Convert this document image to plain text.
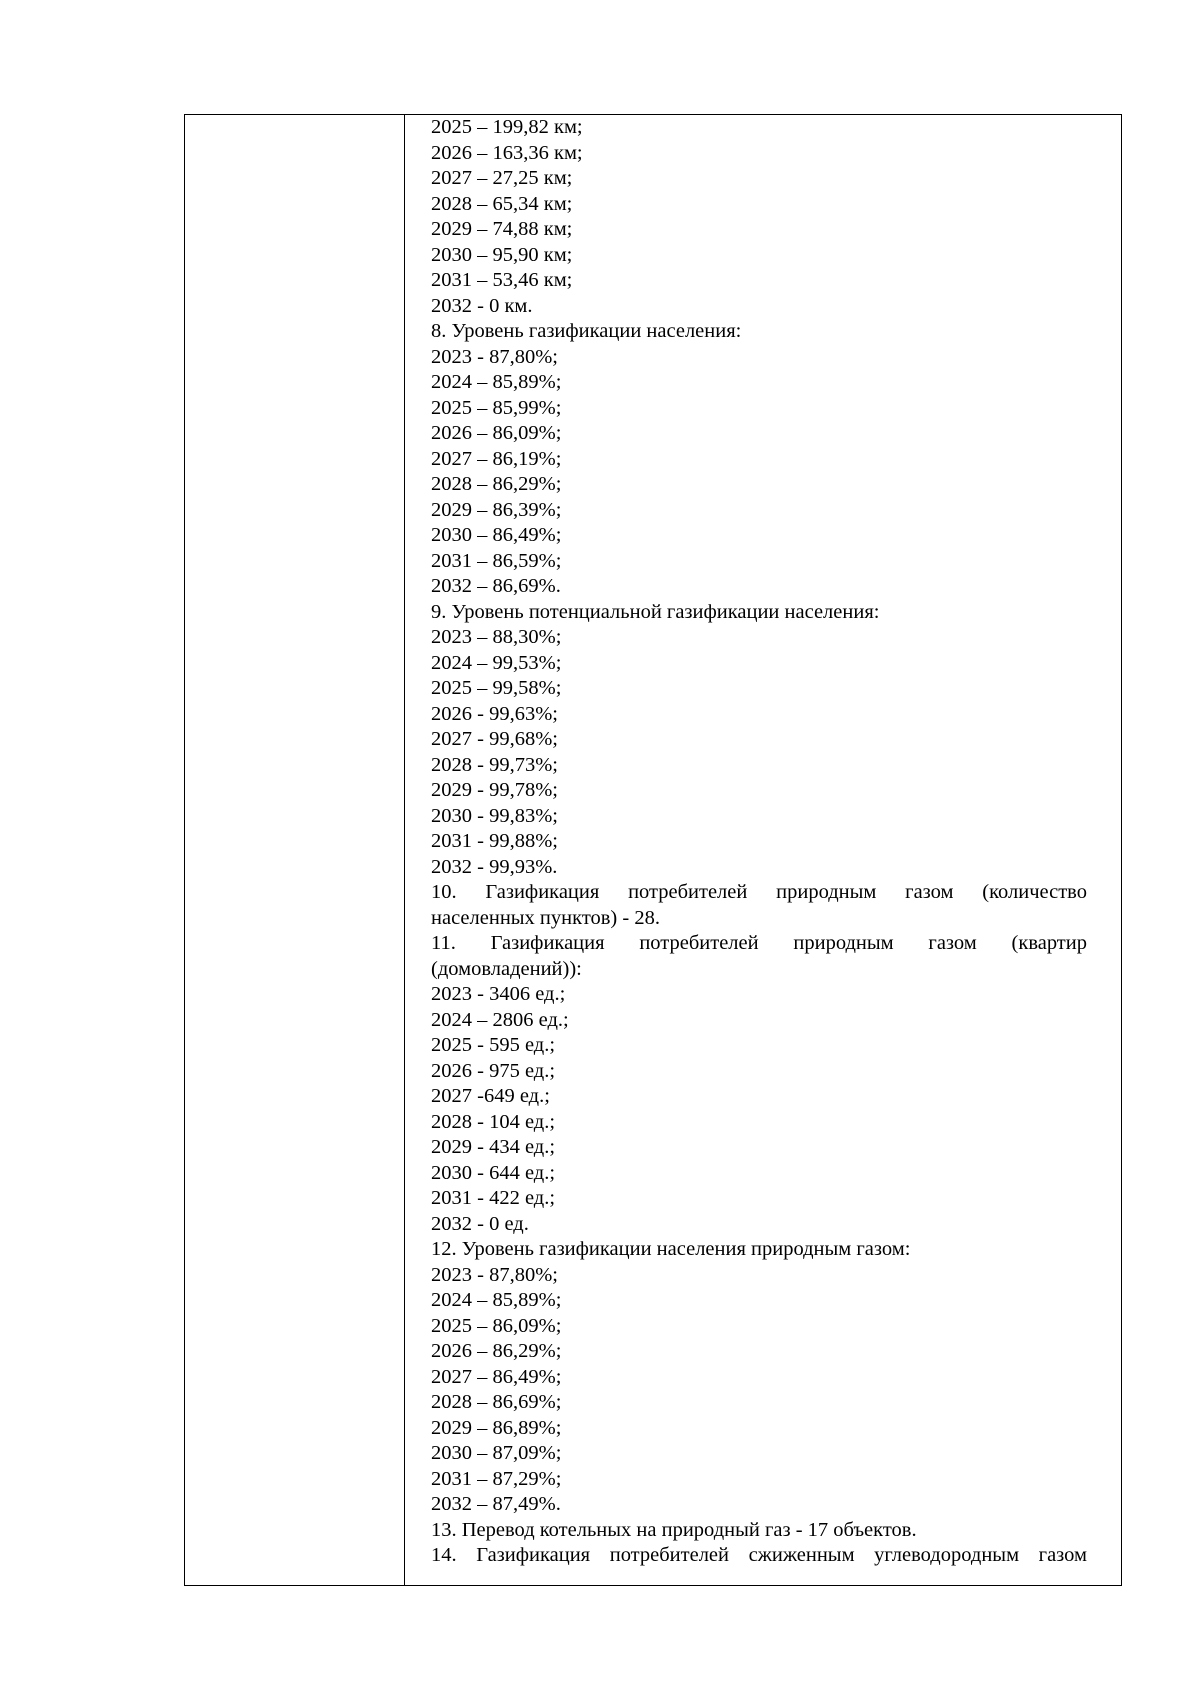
2025 – 199,82 км;
2026 – 163,36 км;
2027 – 27,25 км;
2028 – 65,34 км;
2029 – 74,88 км;
2030 – 95,90 км;
2031 – 53,46 км;
2032 - 0 км.
8. Уровень газификации населения:
2023 - 87,80%;
2024 – 85,89%;
2025 – 85,99%;
2026 – 86,09%;
2027 – 86,19%;
2028 – 86,29%;
2029 – 86,39%;
2030 – 86,49%;
2031 – 86,59%;
2032 – 86,69%.
9. Уровень потенциальной газификации населения:
2023 – 88,30%;
2024 – 99,53%;
2025 – 99,58%;
2026 - 99,63%;
2027 - 99,68%;
2028 - 99,73%;
2029 - 99,78%;
2030 - 99,83%;
2031 - 99,88%;
2032 - 99,93%.
10. Газификация потребителей природным газом (количество
населенных пунктов) - 28.
11. Газификация потребителей природным газом (квартир
(домовладений)):
2023 - 3406 ед.;
2024 – 2806 ед.;
2025 - 595 ед.;
2026 - 975 ед.;
2027 -649 ед.;
2028 - 104 ед.;
2029 - 434 ед.;
2030 - 644 ед.;
2031 - 422 ед.;
2032 - 0 ед.
12. Уровень газификации населения природным газом:
2023 - 87,80%;
2024 – 85,89%;
2025 – 86,09%;
2026 – 86,29%;
2027 – 86,49%;
2028 – 86,69%;
2029 – 86,89%;
2030 – 87,09%;
2031 – 87,29%;
2032 – 87,49%.
13. Перевод котельных на природный газ - 17 объектов.
14. Газификация потребителей сжиженным углеводородным газом
